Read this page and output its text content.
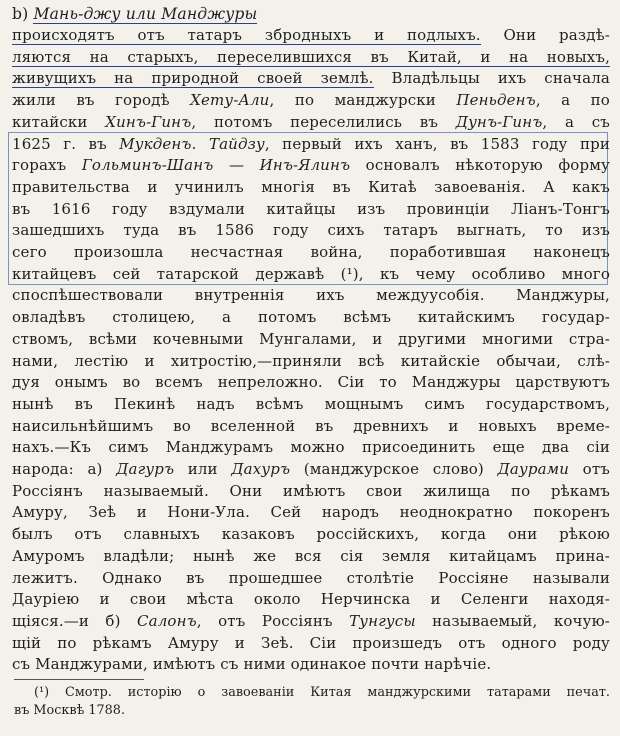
b) Мань-джу или Манджуры
(¹) Смотр. исторію о завоеваніи Китая манджурскими татарами печат.
въ Москвѣ 1788.
происходятъ отъ татаръ збродныхъ и подлыхъ. Они раздѣ-
ляются на старыхъ, переселившихся въ Китай, и на новыхъ,
живущихъ на природной своей землѣ. Владѣльцы ихъ сначала
жили въ городѣ Хету-Али, по манджурски Пеньденъ, а по
китайски Хинъ-Гинъ, потомъ переселились въ Дунъ-Гинъ, а съ
1625 г. въ Мукденъ. Тайдзу, первый ихъ ханъ, въ 1583 году при
горахъ Гольминъ-Шанъ — Инъ-Ялинъ основалъ нѣкоторую форму
правительства и учинилъ многія въ Китаѣ завоеванія. А какъ
въ 1616 году вздумали китайцы изъ провинціи Ліанъ-Тонгъ
зашедшихъ туда въ 1586 году сихъ татаръ выгнать, то изъ
сего произошла несчастная война, поработившая наконецъ
китайцевъ сей татарской державѣ (¹), къ чему особливо много
споспѣшествовали внутреннія ихъ междуусобія. Манджуры,
овладѣвъ столицею, а потомъ всѣмъ китайскимъ государ-
ствомъ, всѣми кочевными Мунгалами, и другими многими стра-
нами, лестію и хитростію,—приняли всѣ китайскіе обычаи, слѣ-
дуя онымъ во всемъ непреложно. Сіи то Манджуры царствуютъ
нынѣ въ Пекинѣ надъ всѣмъ мощнымъ симъ государствомъ,
наисильнѣйшимъ во вселенной въ древнихъ и новыхъ време-
нахъ.—Къ симъ Манджурамъ можно присоединить еще два сіи
народа: а) Дагуръ или Дахуръ (манджурское слово) Даурами отъ
Россіянъ называемый. Они имѣютъ свои жилища по рѣкамъ
Амуру, Зеѣ и Нони-Ула. Сей народъ неоднократно покоренъ
былъ отъ славныхъ казаковъ россійскихъ, когда они рѣкою
Амуромъ владѣли; нынѣ же вся сія земля китайцамъ прина-
лежитъ. Однако въ прошедшее столѣтіе Россіяне называли
Дауріею и свои мѣста около Нерчинска и Селенги находя-
щіяся.—и б) Салонъ, отъ Россіянъ Тунгусы называемый, кочую-
щій по рѣкамъ Амуру и Зеѣ. Сіи произшедъ отъ одного роду
съ Манджурами, имѣютъ съ ними одинакое почти нарѣчіе.
